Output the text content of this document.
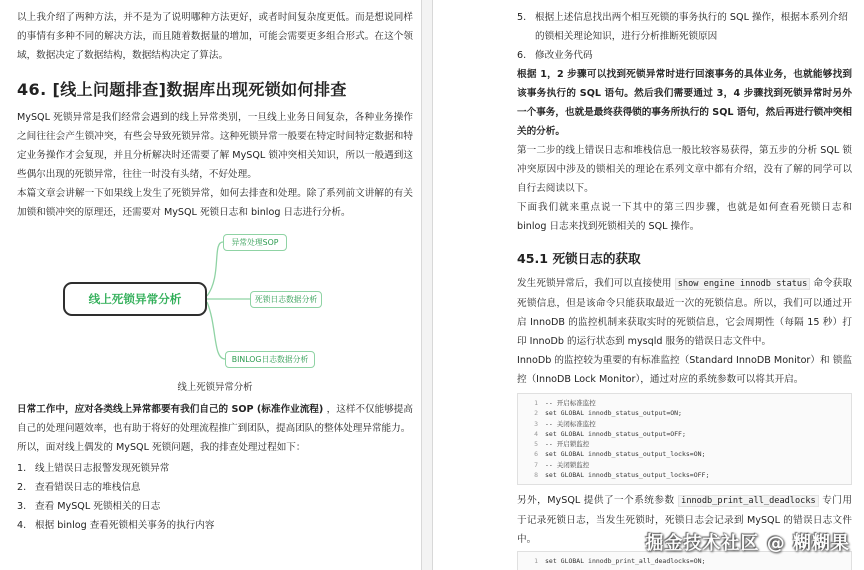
以上我介绍了两种方法，并不是为了说明哪种方法更好，或者时间复杂度更低。而是想说同样的事情有多种不同的解决方法，而且随着数据量的增加，可能会需要更多组合形式。在这个领域，数据决定了数据结构，数据结构决定了算法。

46. [线上问题排查]数据库出现死锁如何排查

MySQL 死锁异常是我们经常会遇到的线上异常类别，一旦线上业务日间复杂，各种业务操作之间往往会产生锁冲突，有些会导致死锁异常。这种死锁异常一般要在特定时间特定数据和特定业务操作才会复现，并且分析解决时还需要了解 MySQL 锁冲突相关知识，所以一般遇到这些偶尔出现的死锁异常，往往一时没有头绪，不好处理。

本篇文章会讲解一下如果线上发生了死锁异常，如何去排查和处理。除了系列前文讲解的有关加锁和锁冲突的原理还，还需要对 MySQL 死锁日志和 binlog 日志进行分析。

线上死锁异常分析
异常处理SOP
死锁日志数据分析
BINLOG日志数据分析
线上死锁异常分析

日常工作中，应对各类线上异常都要有我们自己的 SOP (标准作业流程) ，这样不仅能够提高自己的处理问题效率，也有助于将好的处理流程推广到团队，提高团队的整体处理异常能力。

所以，面对线上偶发的 MySQL 死锁问题，我的排查处理过程如下：

1. 线上错误日志报警发现死锁异常
2. 查看错误日志的堆栈信息
3. 查看 MySQL 死锁相关的日志
4. 根据 binlog 查看死锁相关事务的执行内容
5. 根据上述信息找出两个相互死锁的事务执行的 SQL 操作，根据本系列介绍的锁相关理论知识，进行分析推断死锁原因
6. 修改业务代码

根据 1，2 步骤可以找到死锁异常时进行回滚事务的具体业务，也就能够找到该事务执行的 SQL 语句。然后我们需要通过 3，4 步骤找到死锁异常时另外一个事务，也就是最终获得锁的事务所执行的 SQL 语句，然后再进行锁冲突相关的分析。

第一二步的线上错误日志和堆栈信息一般比较容易获得，第五步的分析 SQL 锁冲突原因中涉及的锁相关的理论在系列文章中都有介绍，没有了解的同学可以自行去阅读以下。

下面我们就来重点说一下其中的第三四步骤，也就是如何查看死锁日志和 binlog 日志来找到死锁相关的 SQL 操作。

45.1 死锁日志的获取

发生死锁异常后，我们可以直接使用 show engine innodb status 命令获取死锁信息，但是该命令只能获取最近一次的死锁信息。所以，我们可以通过开启 InnoDB 的监控机制来获取实时的死锁信息，它会周期性（每隔 15 秒）打印 InnoDb 的运行状态到 mysqld 服务的错误日志文件中。

InnoDb 的监控较为重要的有标准监控（Standard InnoDB Monitor）和 锁监控（InnoDB Lock Monitor），通过对应的系统参数可以将其开启。

1 -- 开启标准监控
2 set GLOBAL innodb_status_output=ON;
3 -- 关闭标准监控
4 set GLOBAL innodb_status_output=OFF;
5 -- 开启锁监控
6 set GLOBAL innodb_status_output_locks=ON;
7 -- 关闭锁监控
8 set GLOBAL innodb_status_output_locks=OFF;

另外，MySQL 提供了一个系统参数 innodb_print_all_deadlocks 专门用于记录死锁日志，当发生死锁时，死锁日志会记录到 MySQL 的错误日志文件中。

1 set GLOBAL innodb_print_all_deadlocks=ON;
掘金技术社区 @ 糊糊果
